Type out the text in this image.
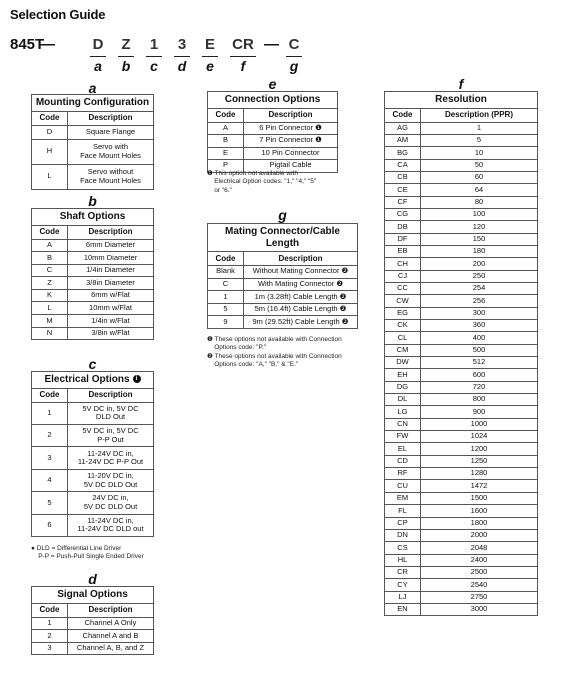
Selection Guide
845T
—	D
a
Z
b
1
c
3
d
E
e
CR
f
— C
g
a
b
c
d
e
g
f
Mounting Configuration	
Code	Description
D	Square Flange
H	Servo with
Face Mount Holes
L	Servo without
Face Mount Holes
Shaft Options	
Code	Description
A	6mm Diameter
B	10mm Diameter
C	1/4in Diameter
Z	3/8in Diameter
K	6mm w/Flat
L	10mm w/Flat
M	1/4in w/Flat
N	3/8in w/Flat
Electrical Options i	
Code	Description
1	5V DC in, 5V DC
DLD Out
2	5V DC in, 5V DC
P-P Out
3	11-24V DC in,
11-24V DC P-P Out
4	11-20V DC in,
5V DC DLD Out
5	24V DC in,
5V DC DLD Out
6	11-24V DC in,
11-24V DC DLD out
Signal Options	
Code	Description
1	Channel A Only
2	Channel A and B
3	Channel A, B, and Z
Connection Options	
Code	Description
A	6 Pin Connector ❶
B	7 Pin Connector ❶
E	10 Pin Connector
P	Pigtail Cable
Mating Connector/Cable
Length	
Code	Description
Blank	Without Mating Connector ❷
C	With Mating Connector ❷
1	1m (3.28ft) Cable Length ❷
5	5m (16.4ft) Cable Length ❷
9	9m (29.52ft) Cable Length ❷
Resolution	
Code	Description (PPR)
AG	1
AM	5
BG	10
CA	50
CB	60
CE	64
CF	80
CG	100
DB	120
DF	150
EB	180
CH	200
CJ	250
CC	254
CW	256
EG	300
CK	360
CL	400
CM	500
DW	512
EH	600
DG	720
DL	800
LG	900
CN	1000
FW	1024
EL	1200
CD	1250
RF	1280
CU	1472
EM	1500
FL	1600
CP	1800
DN	2000
CS	2048
HL	2400
CR	2500
CY	2540
LJ	2750
EN	3000
● DLD = Differential Line Driver
P-P = Push-Pull Single Ended Driver
❶ This option not available with
Electrical Option codes: "1," "4," "5"
or "6."
❶ These options not available with Connection
Options code: "P."
❷ These options not available with Connection
Options code: "A," "B," & "E."
